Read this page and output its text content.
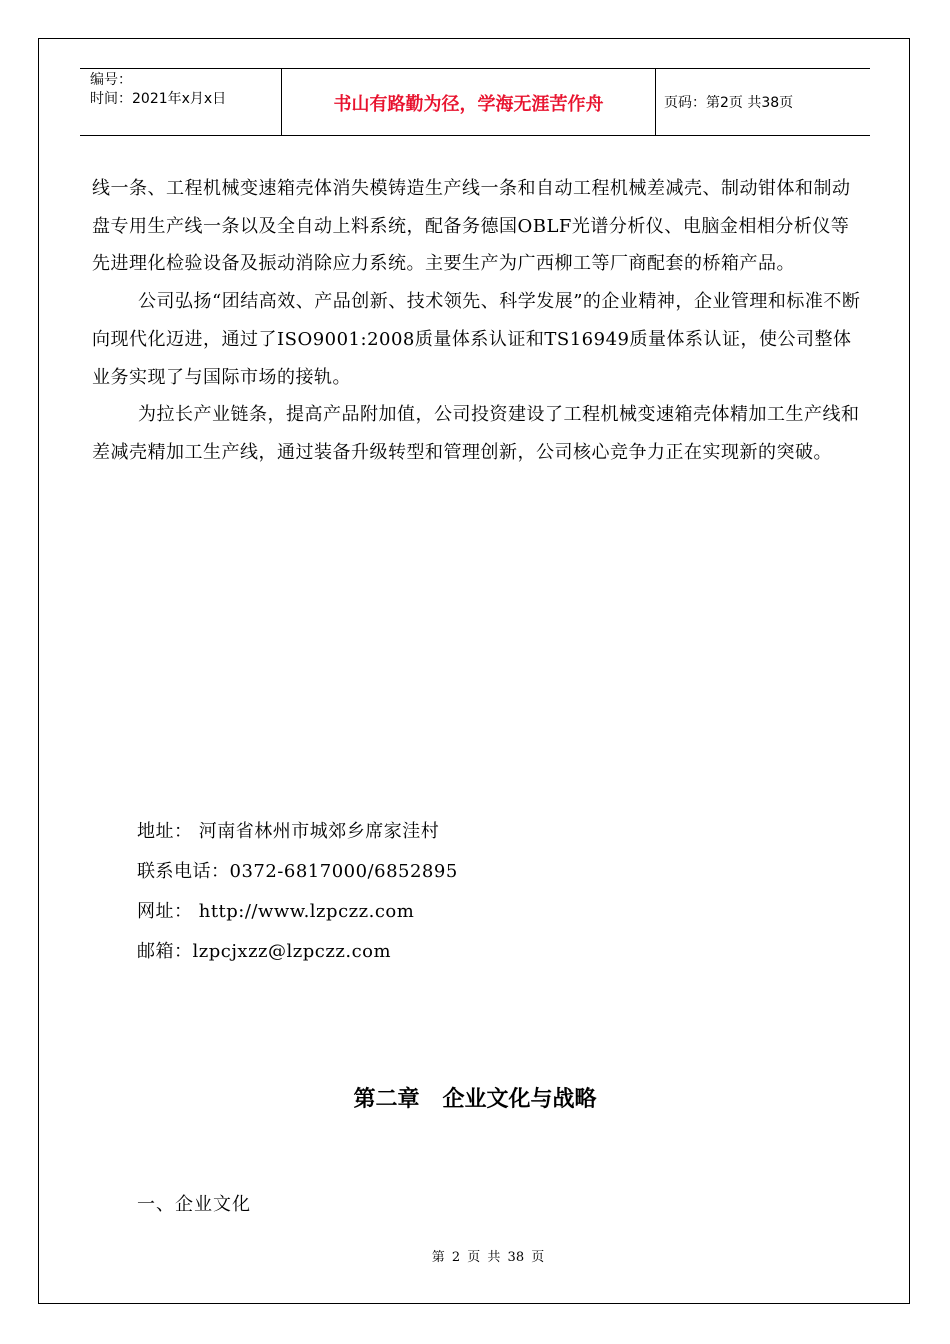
编号：
时间：2021年x月x日	书山有路勤为径，学海无涯苦作舟	页码：第2页 共38页

线一条、工程机械变速箱壳体消失模铸造生产线一条和自动工程机械差减壳、制动钳体和制动盘专用生产线一条以及全自动上料系统，配备务德国OBLF光谱分析仪、电脑金相相分析仪等先进理化检验设备及振动消除应力系统。主要生产为广西柳工等厂商配套的桥箱产品。

公司弘扬“团结高效、产品创新、技术领先、科学发展”的企业精神，企业管理和标准不断向现代化迈进，通过了ISO9001:2008质量体系认证和TS16949质量体系认证，使公司整体业务实现了与国际市场的接轨。

为拉长产业链条，提高产品附加值，公司投资建设了工程机械变速箱壳体精加工生产线和差减壳精加工生产线，通过装备升级转型和管理创新，公司核心竞争力正在实现新的突破。

地址： 河南省林州市城郊乡席家洼村
联系电话：0372-6817000/6852895
网址： http://www.lzpczz.com
邮箱：lzpcjxzz@lzpczz.com
第二章   企业文化与战略
一、企业文化
第 2 页 共 38 页
